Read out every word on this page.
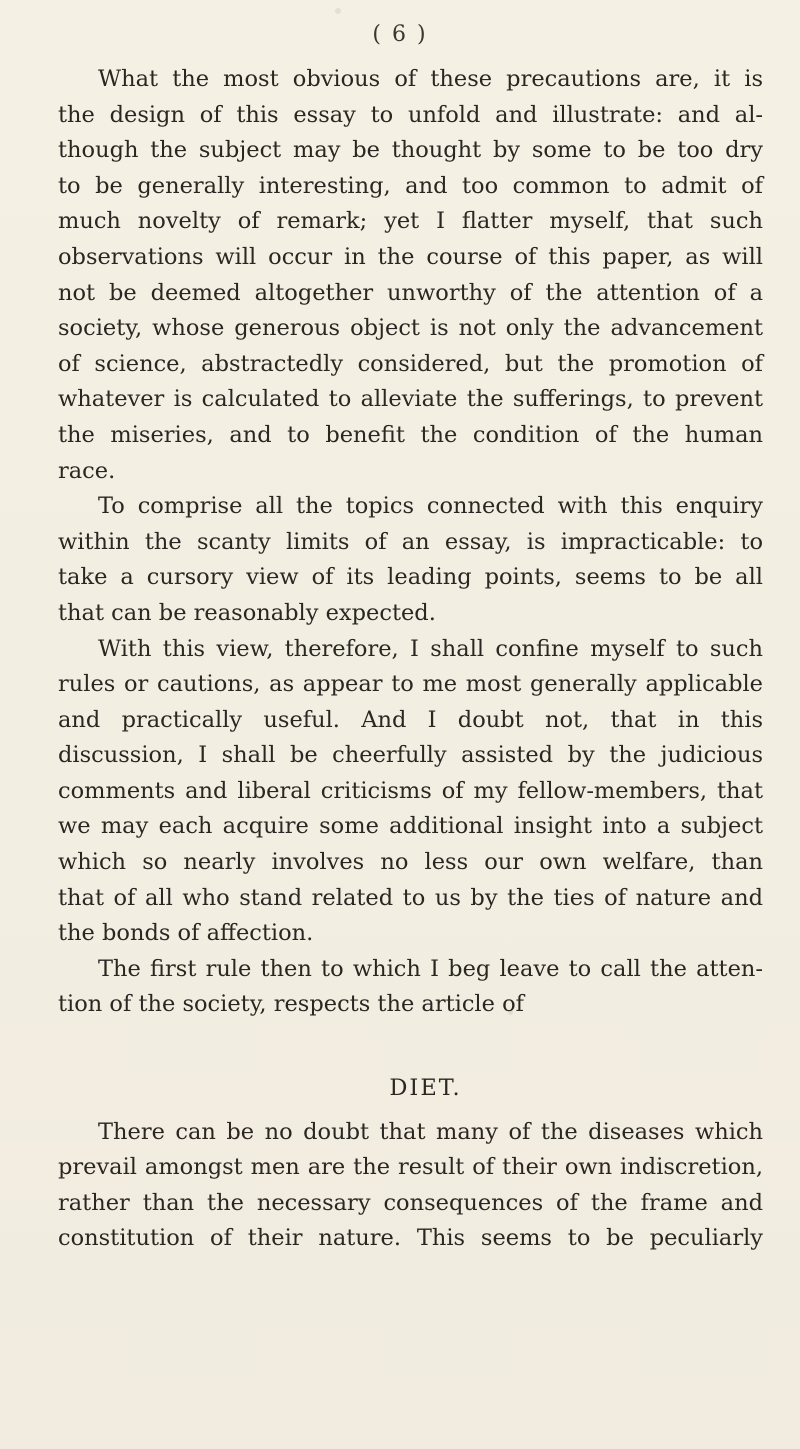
( 6 )
What the most obvious of these precautions are, it is
the design of this essay to unfold and illustrate: and al-
though the subject may be thought by some to be too dry
to be generally interesting, and too common to admit of
much novelty of remark; yet I flatter myself, that such
observations will occur in the course of this paper, as will
not be deemed altogether unworthy of the attention of a
society, whose generous object is not only the advancement
of science, abstractedly considered, but the promotion of
whatever is calculated to alleviate the sufferings, to prevent
the miseries, and to benefit the condition of the human
race.
To comprise all the topics connected with this enquiry
within the scanty limits of an essay, is impracticable: to
take a cursory view of its leading points, seems to be all
that can be reasonably expected.
With this view, therefore, I shall confine myself to such
rules or cautions, as appear to me most generally applicable
and practically useful. And I doubt not, that in this
discussion, I shall be cheerfully assisted by the judicious
comments and liberal criticisms of my fellow-members, that
we may each acquire some additional insight into a subject
which so nearly involves no less our own welfare, than
that of all who stand related to us by the ties of nature and
the bonds of affection.
The first rule then to which I beg leave to call the atten-
tion of the society, respects the article of
DIET.
There can be no doubt that many of the diseases which
prevail amongst men are the result of their own indiscretion,
rather than the necessary consequences of the frame and
constitution of their nature. This seems to be peculiarly
